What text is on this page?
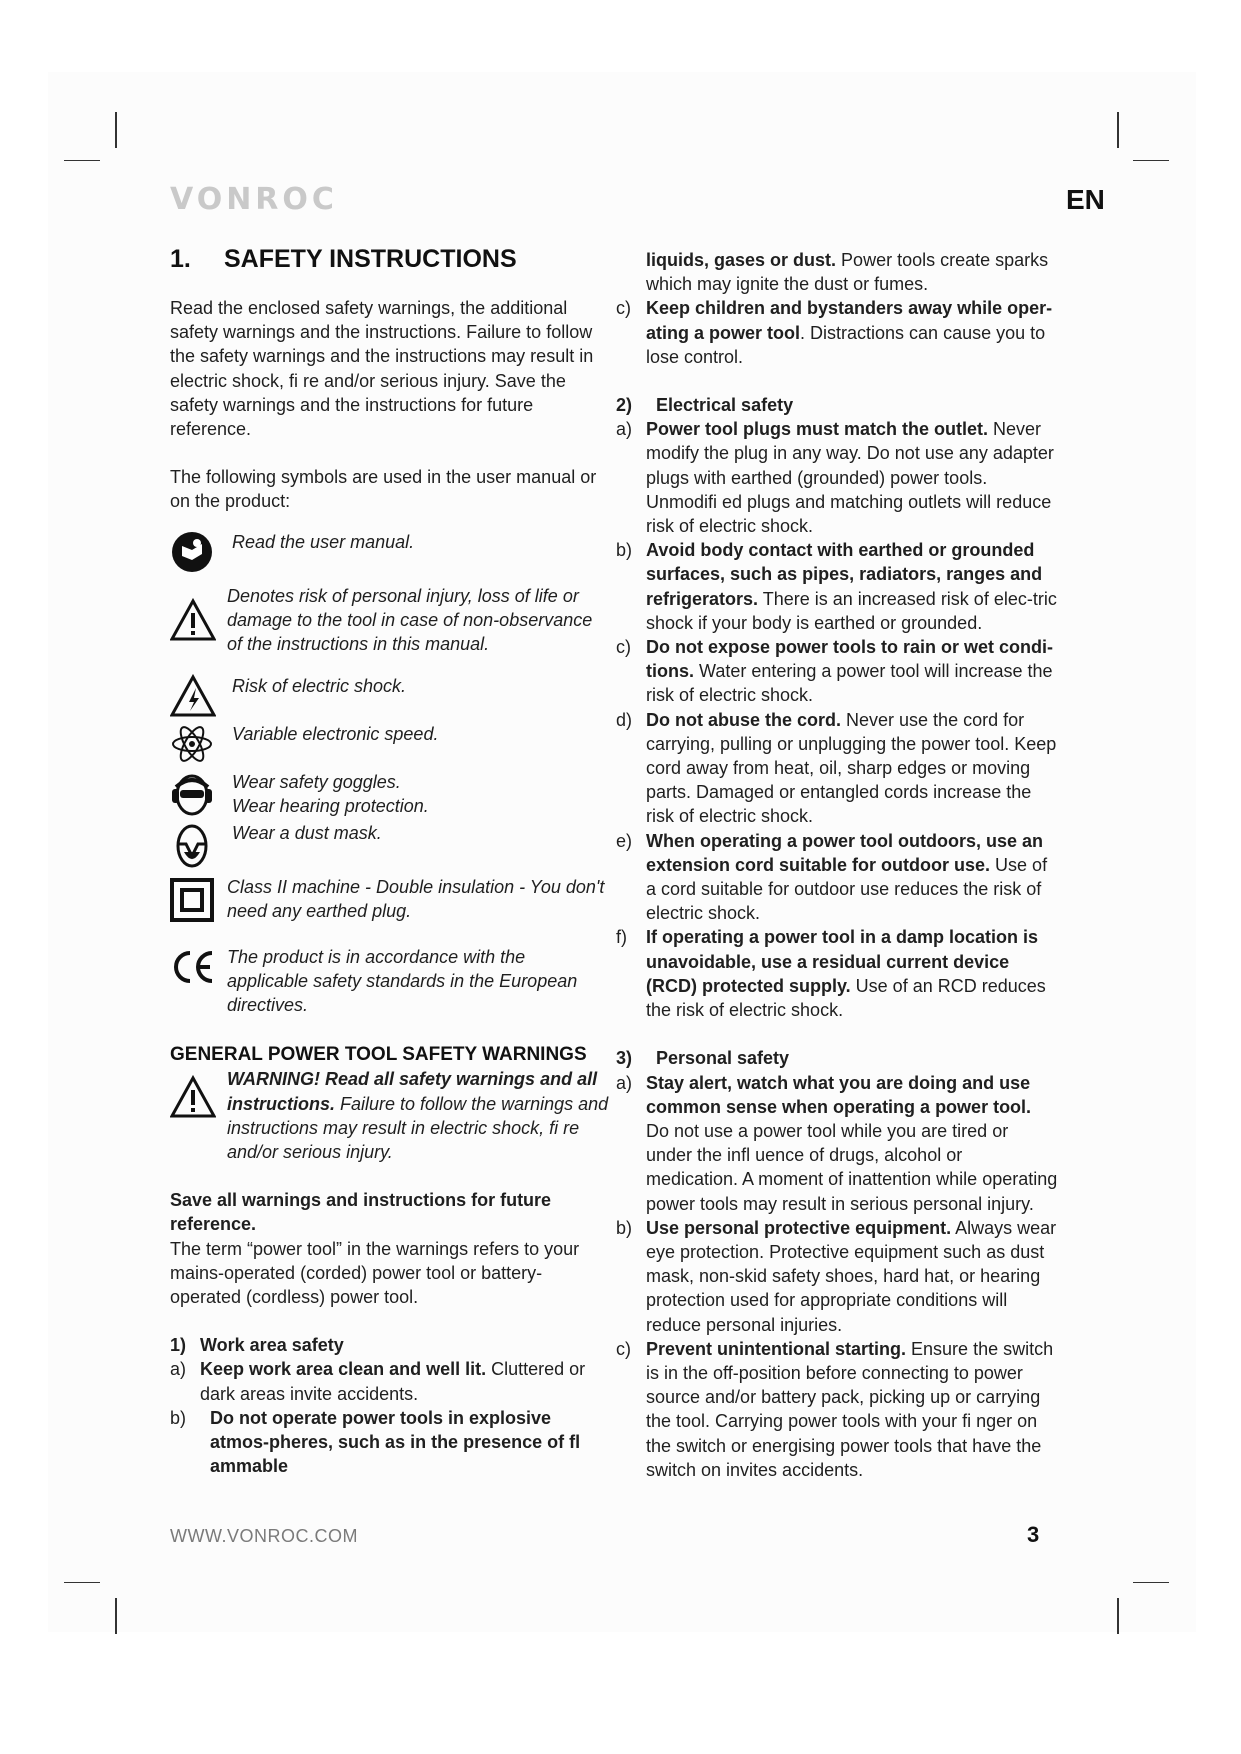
VONROC	EN
1. SAFETY INSTRUCTIONS

Read the enclosed safety warnings, the additional safety warnings and the instructions. Failure to follow the safety warnings and the instructions may result in electric shock, fi re and/or serious injury. Save the safety warnings and the instructions for future reference.

The following symbols are used in the user manual or on the product:

Read the user manual.
Denotes risk of personal injury, loss of life or damage to the tool in case of non-observance of the instructions in this manual.
Risk of electric shock.
Variable electronic speed.
Wear safety goggles.
Wear hearing protection.
Wear a dust mask.
Class II machine - Double insulation - You don't need any earthed plug.
The product is in accordance with the applicable safety standards in the European directives.

GENERAL POWER TOOL SAFETY WARNINGS

WARNING! Read all safety warnings and all instructions. Failure to follow the warnings and instructions may result in electric shock, fi re and/or serious injury.

Save all warnings and instructions for future reference.

The term “power tool” in the warnings refers to your mains-operated (corded) power tool or battery-operated (cordless) power tool.

1) Work area safety

a) Keep work area clean and well lit. Cluttered or dark areas invite accidents.
b)	Do not operate power tools in explosive atmos-pheres, such as in the presence of fl ammable
liquids, gases or dust. Power tools create sparks which may ignite the dust or fumes.
c) Keep children and bystanders away while oper-ating a power tool. Distractions can cause you to lose control.

2) Electrical safety

a) Power tool plugs must match the outlet. Never modify the plug in any way. Do not use any adapter plugs with earthed (grounded) power tools. Unmodifi ed plugs and matching outlets will reduce risk of electric shock.
b) Avoid body contact with earthed or grounded surfaces, such as pipes, radiators, ranges and refrigerators. There is an increased risk of elec-tric shock if your body is earthed or grounded.
c) Do not expose power tools to rain or wet condi-tions. Water entering a power tool will increase the risk of electric shock.
d) Do not abuse the cord. Never use the cord for carrying, pulling or unplugging the power tool. Keep cord away from heat, oil, sharp edges or moving parts. Damaged or entangled cords increase the risk of electric shock.
e) When operating a power tool outdoors, use an extension cord suitable for outdoor use. Use of a cord suitable for outdoor use reduces the risk of electric shock.
f) If operating a power tool in a damp location is unavoidable, use a residual current device (RCD) protected supply. Use of an RCD reduces the risk of electric shock.

3) Personal safety

a) Stay alert, watch what you are doing and use common sense when operating a power tool. Do not use a power tool while you are tired or under the infl uence of drugs, alcohol or medication. A moment of inattention while operating power tools may result in serious personal injury.
b) Use personal protective equipment. Always wear eye protection. Protective equipment such as dust mask, non-skid safety shoes, hard hat, or hearing protection used for appropriate conditions will reduce personal injuries.
c) Prevent unintentional starting. Ensure the switch is in the off-position before connecting to power source and/or battery pack, picking up or carrying the tool. Carrying power tools with your fi nger on the switch or energising power tools that have the switch on invites accidents.
WWW.VONROC.COM	3
